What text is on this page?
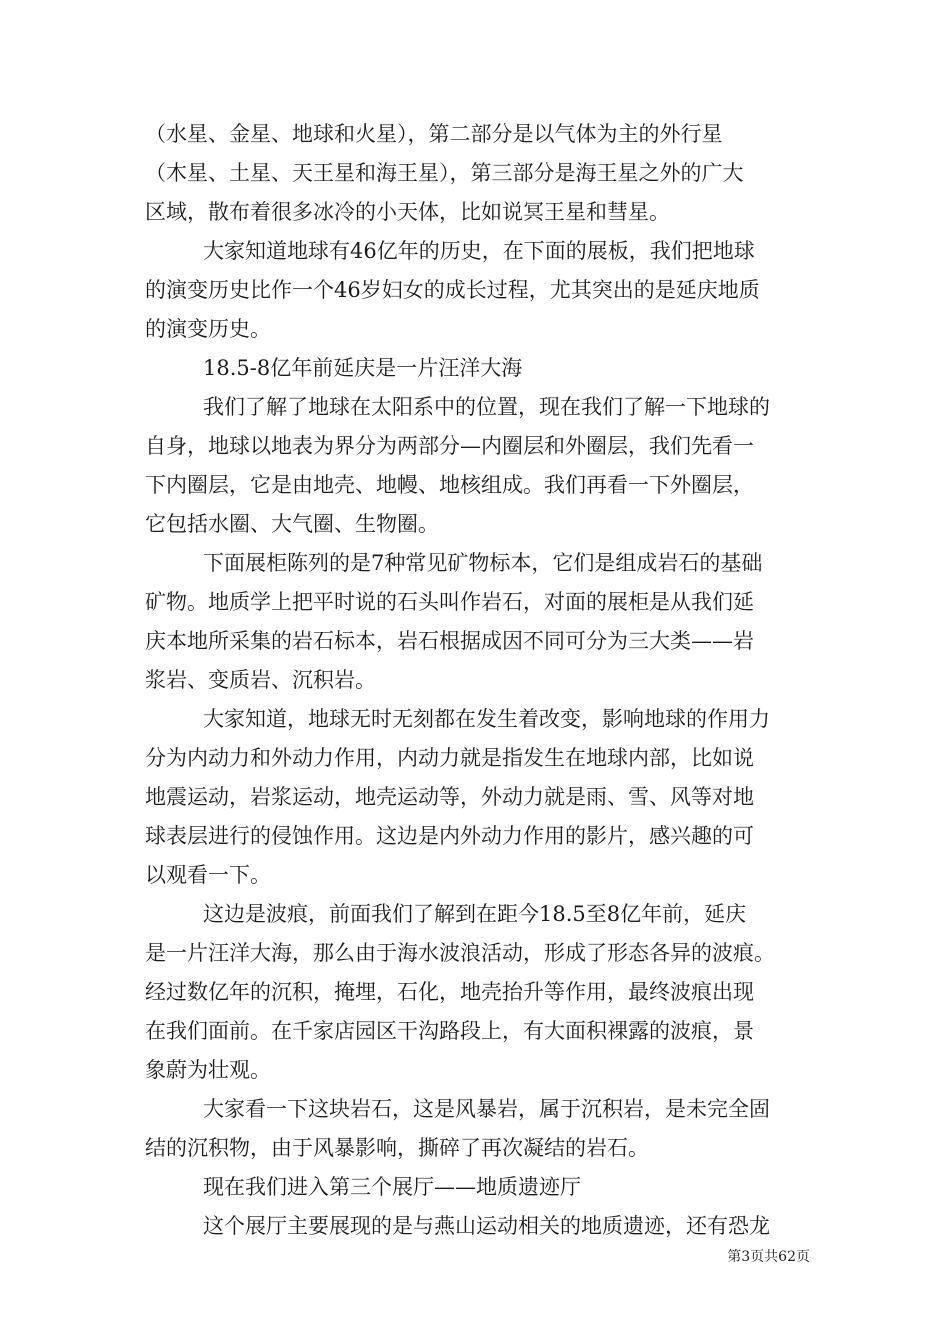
（水星、金星、地球和火星），第二部分是以气体为主的外行星
（木星、土星、天王星和海王星），第三部分是海王星之外的广大
区域，散布着很多冰冷的小天体，比如说冥王星和彗星。
大家知道地球有46亿年的历史，在下面的展板，我们把地球
的演变历史比作一个46岁妇女的成长过程，尤其突出的是延庆地质
的演变历史。
18.5-8亿年前延庆是一片汪洋大海
我们了解了地球在太阳系中的位置，现在我们了解一下地球的
自身，地球以地表为界分为两部分—内圈层和外圈层，我们先看一
下内圈层，它是由地壳、地幔、地核组成。我们再看一下外圈层，
它包括水圈、大气圈、生物圈。
下面展柜陈列的是7种常见矿物标本，它们是组成岩石的基础
矿物。地质学上把平时说的石头叫作岩石，对面的展柜是从我们延
庆本地所采集的岩石标本，岩石根据成因不同可分为三大类——岩
浆岩、变质岩、沉积岩。
大家知道，地球无时无刻都在发生着改变，影响地球的作用力
分为内动力和外动力作用，内动力就是指发生在地球内部，比如说
地震运动，岩浆运动，地壳运动等，外动力就是雨、雪、风等对地
球表层进行的侵蚀作用。这边是内外动力作用的影片，感兴趣的可
以观看一下。
这边是波痕，前面我们了解到在距今18.5至8亿年前，延庆
是一片汪洋大海，那么由于海水波浪活动，形成了形态各异的波痕。
经过数亿年的沉积，掩埋，石化，地壳抬升等作用，最终波痕出现
在我们面前。在千家店园区干沟路段上，有大面积裸露的波痕，景
象蔚为壮观。
大家看一下这块岩石，这是风暴岩，属于沉积岩，是未完全固
结的沉积物，由于风暴影响，撕碎了再次凝结的岩石。
现在我们进入第三个展厅——地质遗迹厅
这个展厅主要展现的是与燕山运动相关的地质遗迹，还有恐龙
第3页共62页
